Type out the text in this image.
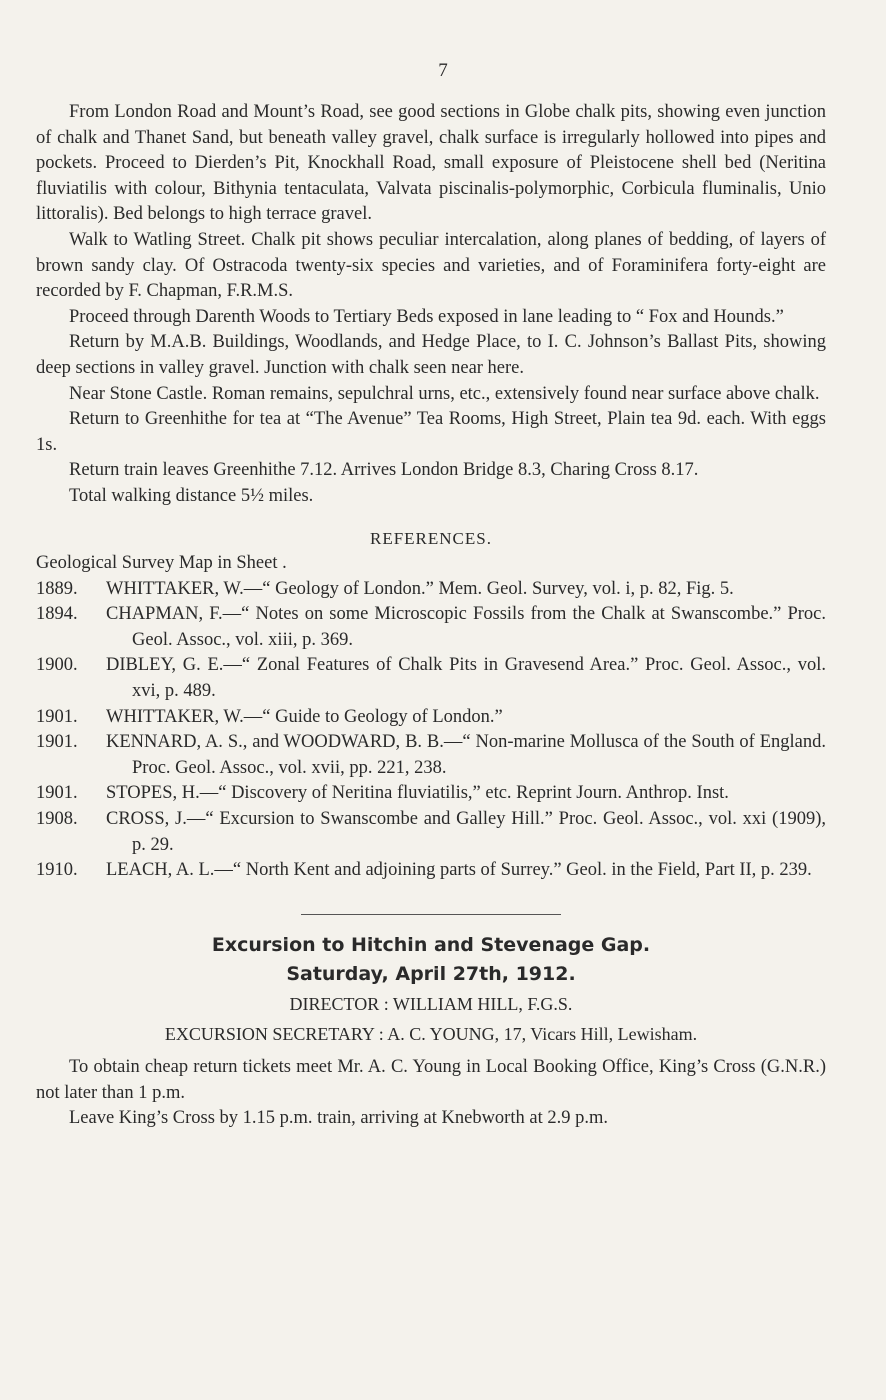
7

From London Road and Mount’s Road, see good sections in Globe chalk pits, showing even junction of chalk and Thanet Sand, but beneath valley gravel, chalk surface is irregularly hollowed into pipes and pockets. Proceed to Dierden’s Pit, Knockhall Road, small exposure of Pleistocene shell bed (Neritina fluviatilis with colour, Bithynia tentaculata, Valvata piscinalis-polymorphic, Corbicula fluminalis, Unio littoralis). Bed belongs to high terrace gravel.

Walk to Watling Street. Chalk pit shows peculiar intercalation, along planes of bedding, of layers of brown sandy clay. Of Ostracoda twenty-six species and varieties, and of Foraminifera forty-eight are recorded by F. Chapman, F.R.M.S.

Proceed through Darenth Woods to Tertiary Beds exposed in lane leading to “ Fox and Hounds.”

Return by M.A.B. Buildings, Woodlands, and Hedge Place, to I. C. Johnson’s Ballast Pits, showing deep sections in valley gravel. Junction with chalk seen near here.

Near Stone Castle. Roman remains, sepulchral urns, etc., extensively found near surface above chalk.

Return to Greenhithe for tea at “The Avenue” Tea Rooms, High Street, Plain tea 9d. each. With eggs 1s.

Return train leaves Greenhithe 7.12. Arrives London Bridge 8.3, Charing Cross 8.17.

Total walking distance 5½ miles.

REFERENCES.
Geological Survey Map in Sheet .
1889.	WHITTAKER, W.—“ Geology of London.” Mem. Geol. Survey, vol. i, p. 82, Fig. 5.
1894.	CHAPMAN, F.—“ Notes on some Microscopic Fossils from the Chalk at Swanscombe.” Proc. Geol. Assoc., vol. xiii, p. 369.
1900.	DIBLEY, G. E.—“ Zonal Features of Chalk Pits in Gravesend Area.” Proc. Geol. Assoc., vol. xvi, p. 489.
1901.	WHITTAKER, W.—“ Guide to Geology of London.”
1901.	KENNARD, A. S., and WOODWARD, B. B.—“ Non-marine Mollusca of the South of England. Proc. Geol. Assoc., vol. xvii, pp. 221, 238.
1901.	STOPES, H.—“ Discovery of Neritina fluviatilis,” etc. Reprint Journ. Anthrop. Inst.
1908.	CROSS, J.—“ Excursion to Swanscombe and Galley Hill.” Proc. Geol. Assoc., vol. xxi (1909), p. 29.
1910.	LEACH, A. L.—“ North Kent and adjoining parts of Surrey.” Geol. in the Field, Part II, p. 239.
Excursion to Hitchin and Stevenage Gap.
Saturday, April 27th, 1912.
DIRECTOR : WILLIAM HILL, F.G.S.
EXCURSION SECRETARY : A. C. YOUNG, 17, Vicars Hill, Lewisham.

To obtain cheap return tickets meet Mr. A. C. Young in Local Booking Office, King’s Cross (G.N.R.) not later than 1 p.m.

Leave King’s Cross by 1.15 p.m. train, arriving at Knebworth at 2.9 p.m.
